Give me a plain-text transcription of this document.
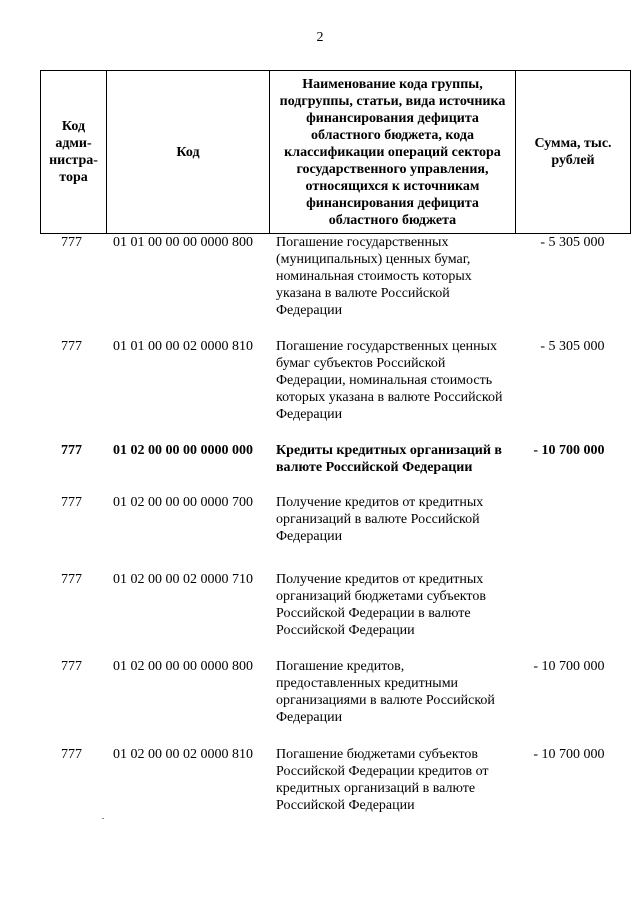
2
Код адми-нистра-тора	Код	Наименование кода группы, подгруппы, статьи, вида источника финансирования дефицита областного бюджета, кода классификации операций сектора государственного управления, относящихся к источникам финансирования дефицита областного бюджета	Сумма, тыс. рублей
777	01 01 00 00 00 0000 800	Погашение государственных (муниципальных) ценных бумаг, номинальная стоимость которых указана в валюте Российской Федерации	- 5 305 000
777	01 01 00 00 02 0000 810	Погашение государственных ценных бумаг субъектов Российской Федерации, номинальная стоимость которых указана в валюте Российской Федерации	- 5 305 000
777	01 02 00 00 00 0000 000	Кредиты кредитных организаций в валюте Российской Федерации	- 10 700 000
777	01 02 00 00 00 0000 700	Получение кредитов от кредитных организаций в валюте Российской Федерации	
777	01 02 00 00 02 0000 710	Получение кредитов от кредитных организаций бюджетами субъектов Российской Федерации в валюте Российской Федерации	
777	01 02 00 00 00 0000 800	Погашение кредитов, предоставленных кредитными организациями в валюте Российской Федерации	- 10 700 000
777	01 02 00 00 02 0000 810	Погашение бюджетами субъектов Российской Федерации кредитов от кредитных организаций в валюте Российской Федерации	- 10 700 000
